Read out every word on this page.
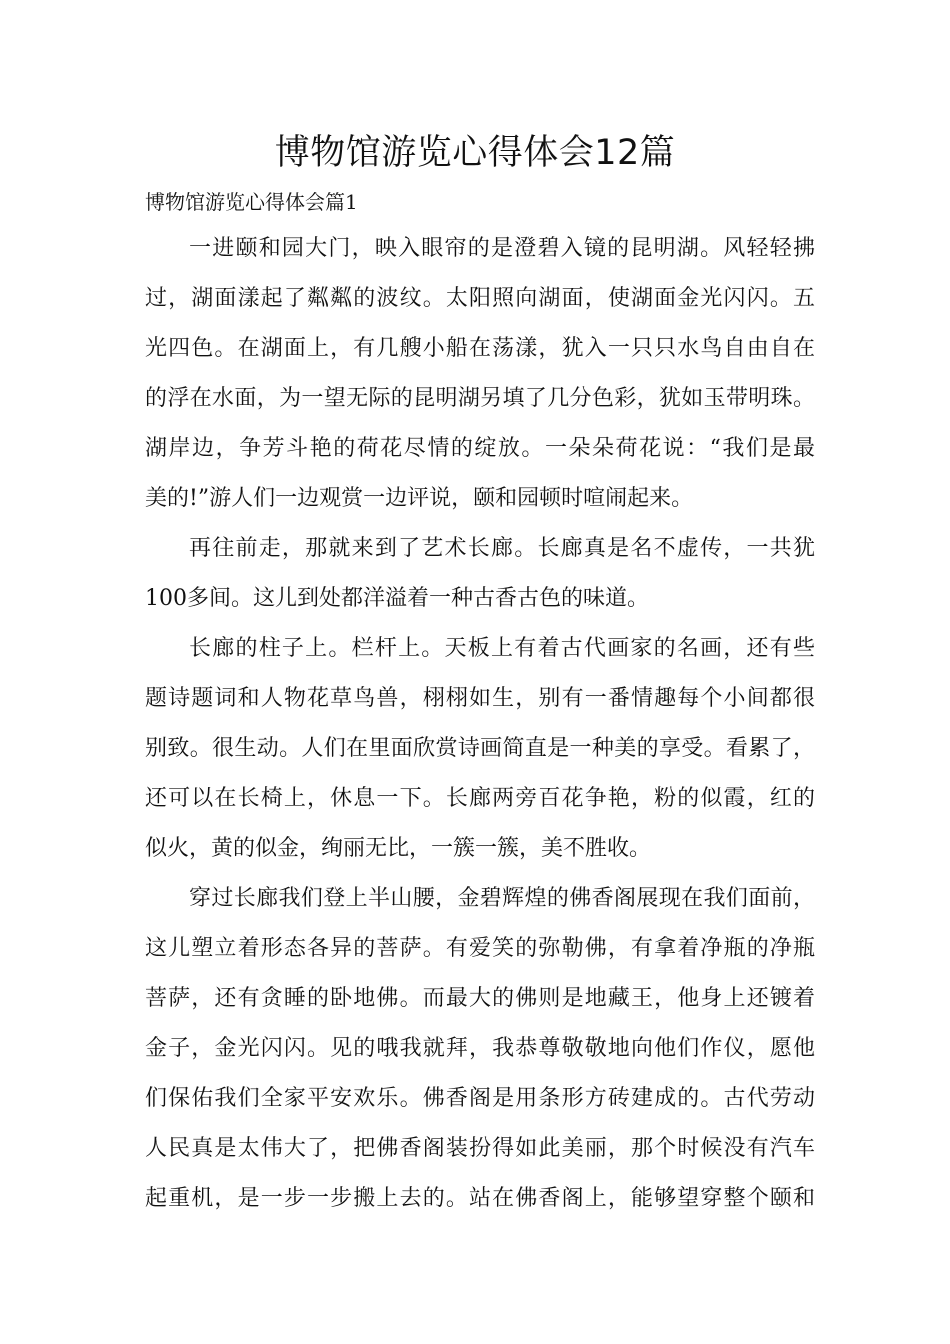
博物馆游览心得体会12篇
博物馆游览心得体会篇1
一进颐和园大门，映入眼帘的是澄碧入镜的昆明湖。风轻轻拂
过，湖面漾起了粼粼的波纹。太阳照向湖面，使湖面金光闪闪。五
光四色。在湖面上，有几艘小船在荡漾，犹入一只只水鸟自由自在
的浮在水面，为一望无际的昆明湖另填了几分色彩，犹如玉带明珠。
湖岸边，争芳斗艳的荷花尽情的绽放。一朵朵荷花说：“我们是最
美的!”游人们一边观赏一边评说，颐和园顿时喧闹起来。
再往前走，那就来到了艺术长廊。长廊真是名不虚传，一共犹
100多间。这儿到处都洋溢着一种古香古色的味道。
长廊的柱子上。栏杆上。天板上有着古代画家的名画，还有些
题诗题词和人物花草鸟兽，栩栩如生，别有一番情趣每个小间都很
别致。很生动。人们在里面欣赏诗画简直是一种美的享受。看累了，
还可以在长椅上，休息一下。长廊两旁百花争艳，粉的似霞，红的
似火，黄的似金，绚丽无比，一簇一簇，美不胜收。
穿过长廊我们登上半山腰，金碧辉煌的佛香阁展现在我们面前，
这儿塑立着形态各异的菩萨。有爱笑的弥勒佛，有拿着净瓶的净瓶
菩萨，还有贪睡的卧地佛。而最大的佛则是地藏王，他身上还镀着
金子，金光闪闪。见的哦我就拜，我恭尊敬敬地向他们作仪，愿他
们保佑我们全家平安欢乐。佛香阁是用条形方砖建成的。古代劳动
人民真是太伟大了，把佛香阁装扮得如此美丽，那个时候没有汽车
起重机，是一步一步搬上去的。站在佛香阁上，能够望穿整个颐和
